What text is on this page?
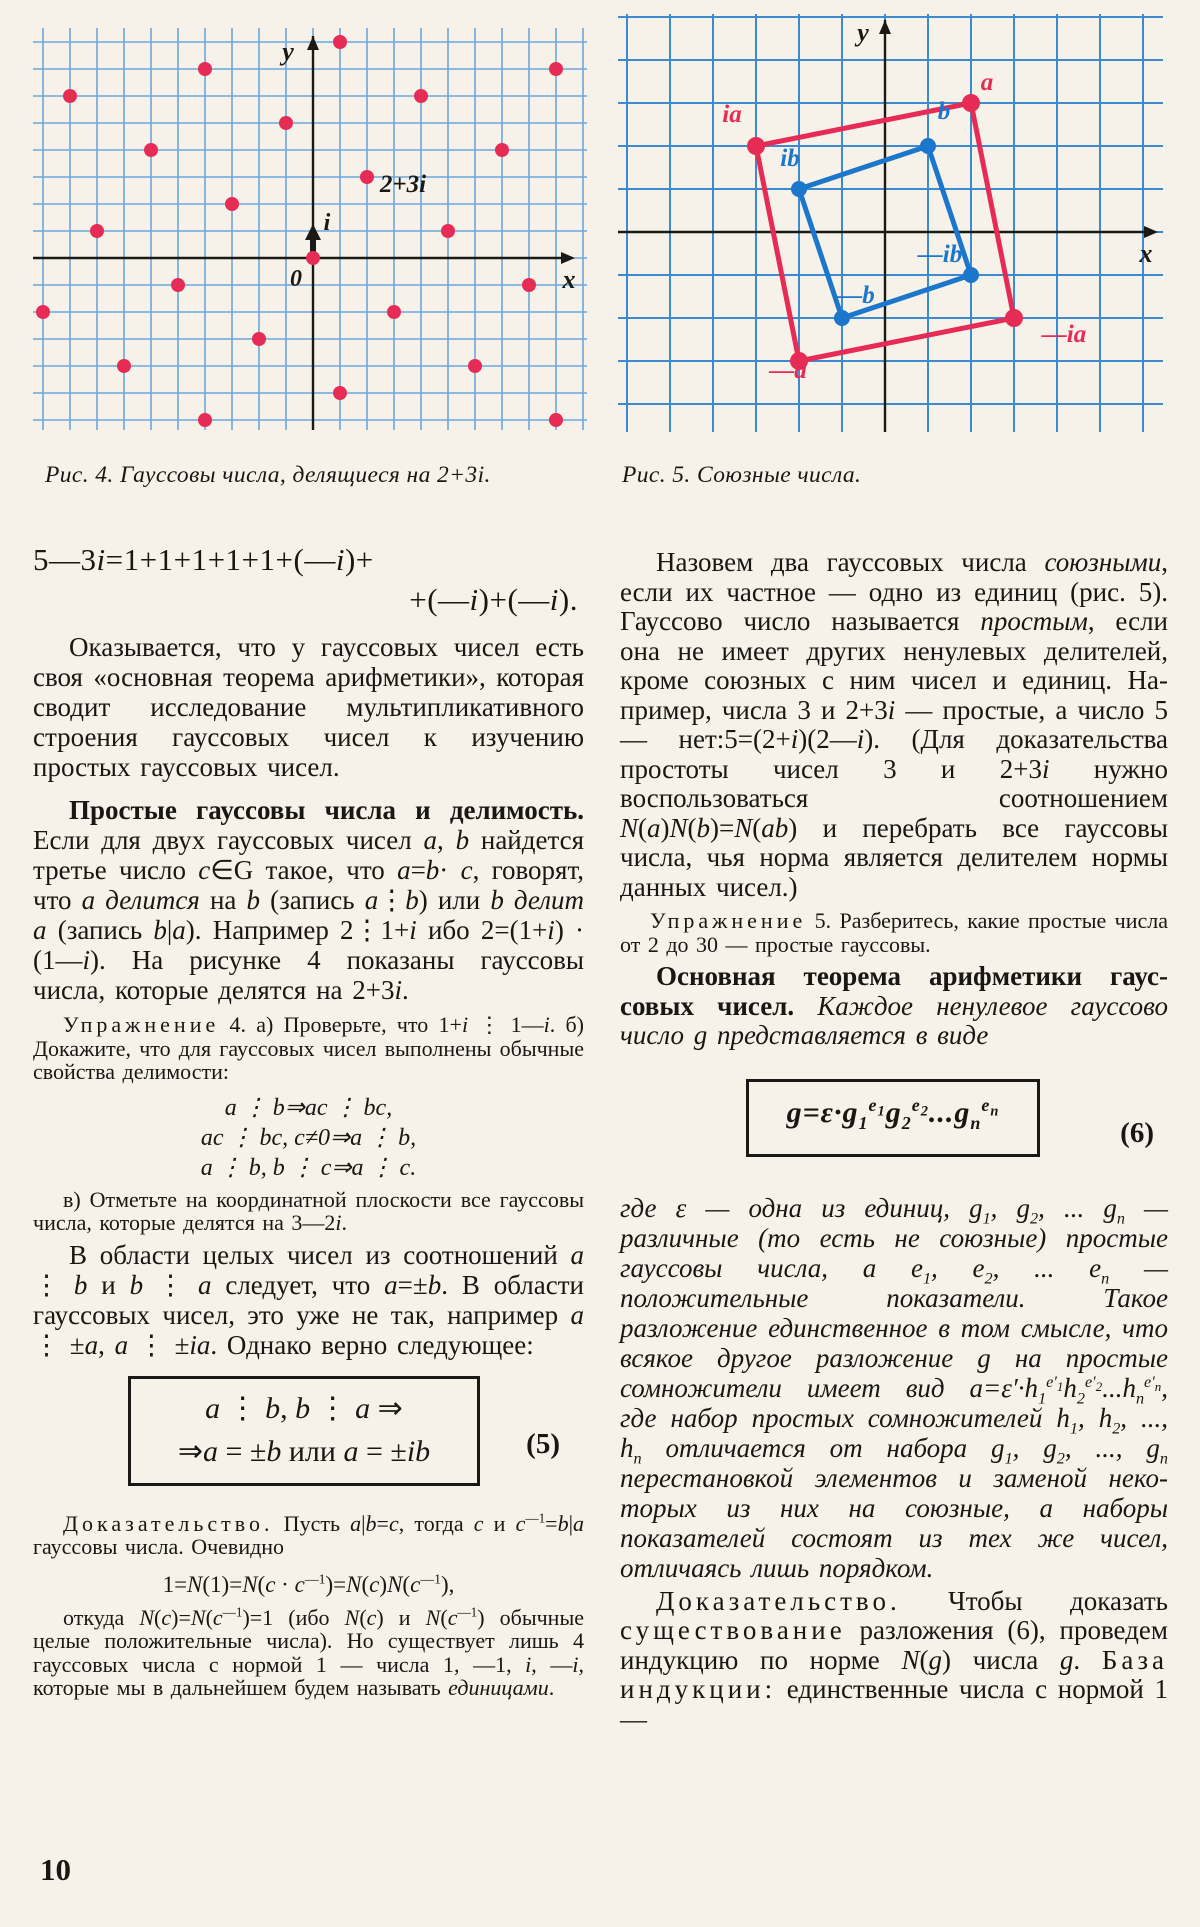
y
x
0
i
2+3i
y
x
a
ia
—a
—ia
b
ib
—b
—ib
Рис. 4. Гауссовы числа, делящиеся на 2+3i.	Рис. 5. Союзные числа.
5—3i=1+1+1+1+1+(—i)+
+(—i)+(—i).

Оказывается, что у гауссовых чисел есть своя «основная теорема арифметики», которая сводит исследование мультипликативного строения гауссовых чисел к изучению простых гауссовых чисел.

Простые гауссовы числа и делимость. Если для двух гауссовых чисел a, b найдется третье число c∈G такое, что a=b· c, говорят, что a делится на b (запись a⋮b) или b делит a (запись b|a). Например 2⋮1+i ибо 2=(1+i) · (1—i). На рисунке 4 показаны гауссовы числа, которые делятся на 2+3i.

Упражнение 4. а) Проверьте, что 1+i ⋮ 1—i. б) Докажите, что для гауссовых чисел выполнены обычные свойства делимости:

a ⋮ b⇒ac ⋮ bc,
ac ⋮ bc, c≠0⇒a ⋮ b,
a ⋮ b, b ⋮ c⇒a ⋮ c.

в) Отметьте на координатной плоскости все гауссовы числа, которые делятся на 3—2i.

В области целых чисел из соотношений a ⋮ b и b ⋮ a следует, что a=±b. В области гауссовых чисел, это уже не так, например a ⋮ ±a, a ⋮ ±ia. Однако верно следующее:

a ⋮ b, b ⋮ a ⇒
⇒a = ±b или a = ±ib	(5)

Доказательство. Пусть a|b=c, тогда c и $c^{—1}=b|a$ гауссовы числа. Очевидно

$1=N(1)=N(c \cdot c^{—1})=N(c)N(c^{—1})$,

откуда $N(c)=N(c^{—1})=1$ (ибо N(c) и $N(c^{—1})$ обычные целые положительные числа). Но существует лишь 4 гауссовых числа с нормой 1 — числа 1, —1, i, —i, которые мы в дальнейшем будем называть единицами.

Назовем два гауссовых числа союзными, если их частное — одно из единиц (рис. 5). Гауссово число называется простым, если она не имеет других ненулевых делителей, кроме союзных с ним чисел и единиц. Например, числа 3 и 2+3i — простые, а число 5 — нет:5=(2+i)(2—i). (Для доказательства простоты чисел 3 и 2+3i нужно воспользоваться соотношением N(a)N(b)=N(ab) и перебрать все гауссовы числа, чья норма является делителем нормы данных чисел.)

Упражнение 5. Разберитесь, какие простые числа от 2 до 30 — простые гауссовы.

Основная теорема арифметики гауссовых чисел. Каждое ненулевое гауссово число g представляется в виде

$g=\varepsilon\cdot g_1^{e_1}g_2^{e_2}...g_n^{e_n}$
(6)

где ε — одна из единиц, $g_1$, $g_2$, ... $g_n$ — различные (то есть не союзные) простые гауссовы числа, а $e_1$, $e_2$, ... $e_n$ — положительные показатели. Такое разложение единственное в том смысле, что всякое другое разложение g на простые сомножители имеет вид $a=\varepsilon'\cdot h_1^{e'_1}h_2^{e'_2}...h_n^{e'_n}$, где набор простых сомножителей $h_1$, $h_2$, ..., $h_n$ отличается от набора $g_1$, $g_2$, ..., $g_n$ перестановкой элементов и заменой некоторых из них на союзные, а наборы показателей состоят из тех же чисел, отличаясь лишь порядком.

Доказательство. Чтобы доказать существование разложения (6), проведем индукцию по норме N(g) числа g. База индукции: единственные числа с нормой 1 —

10
